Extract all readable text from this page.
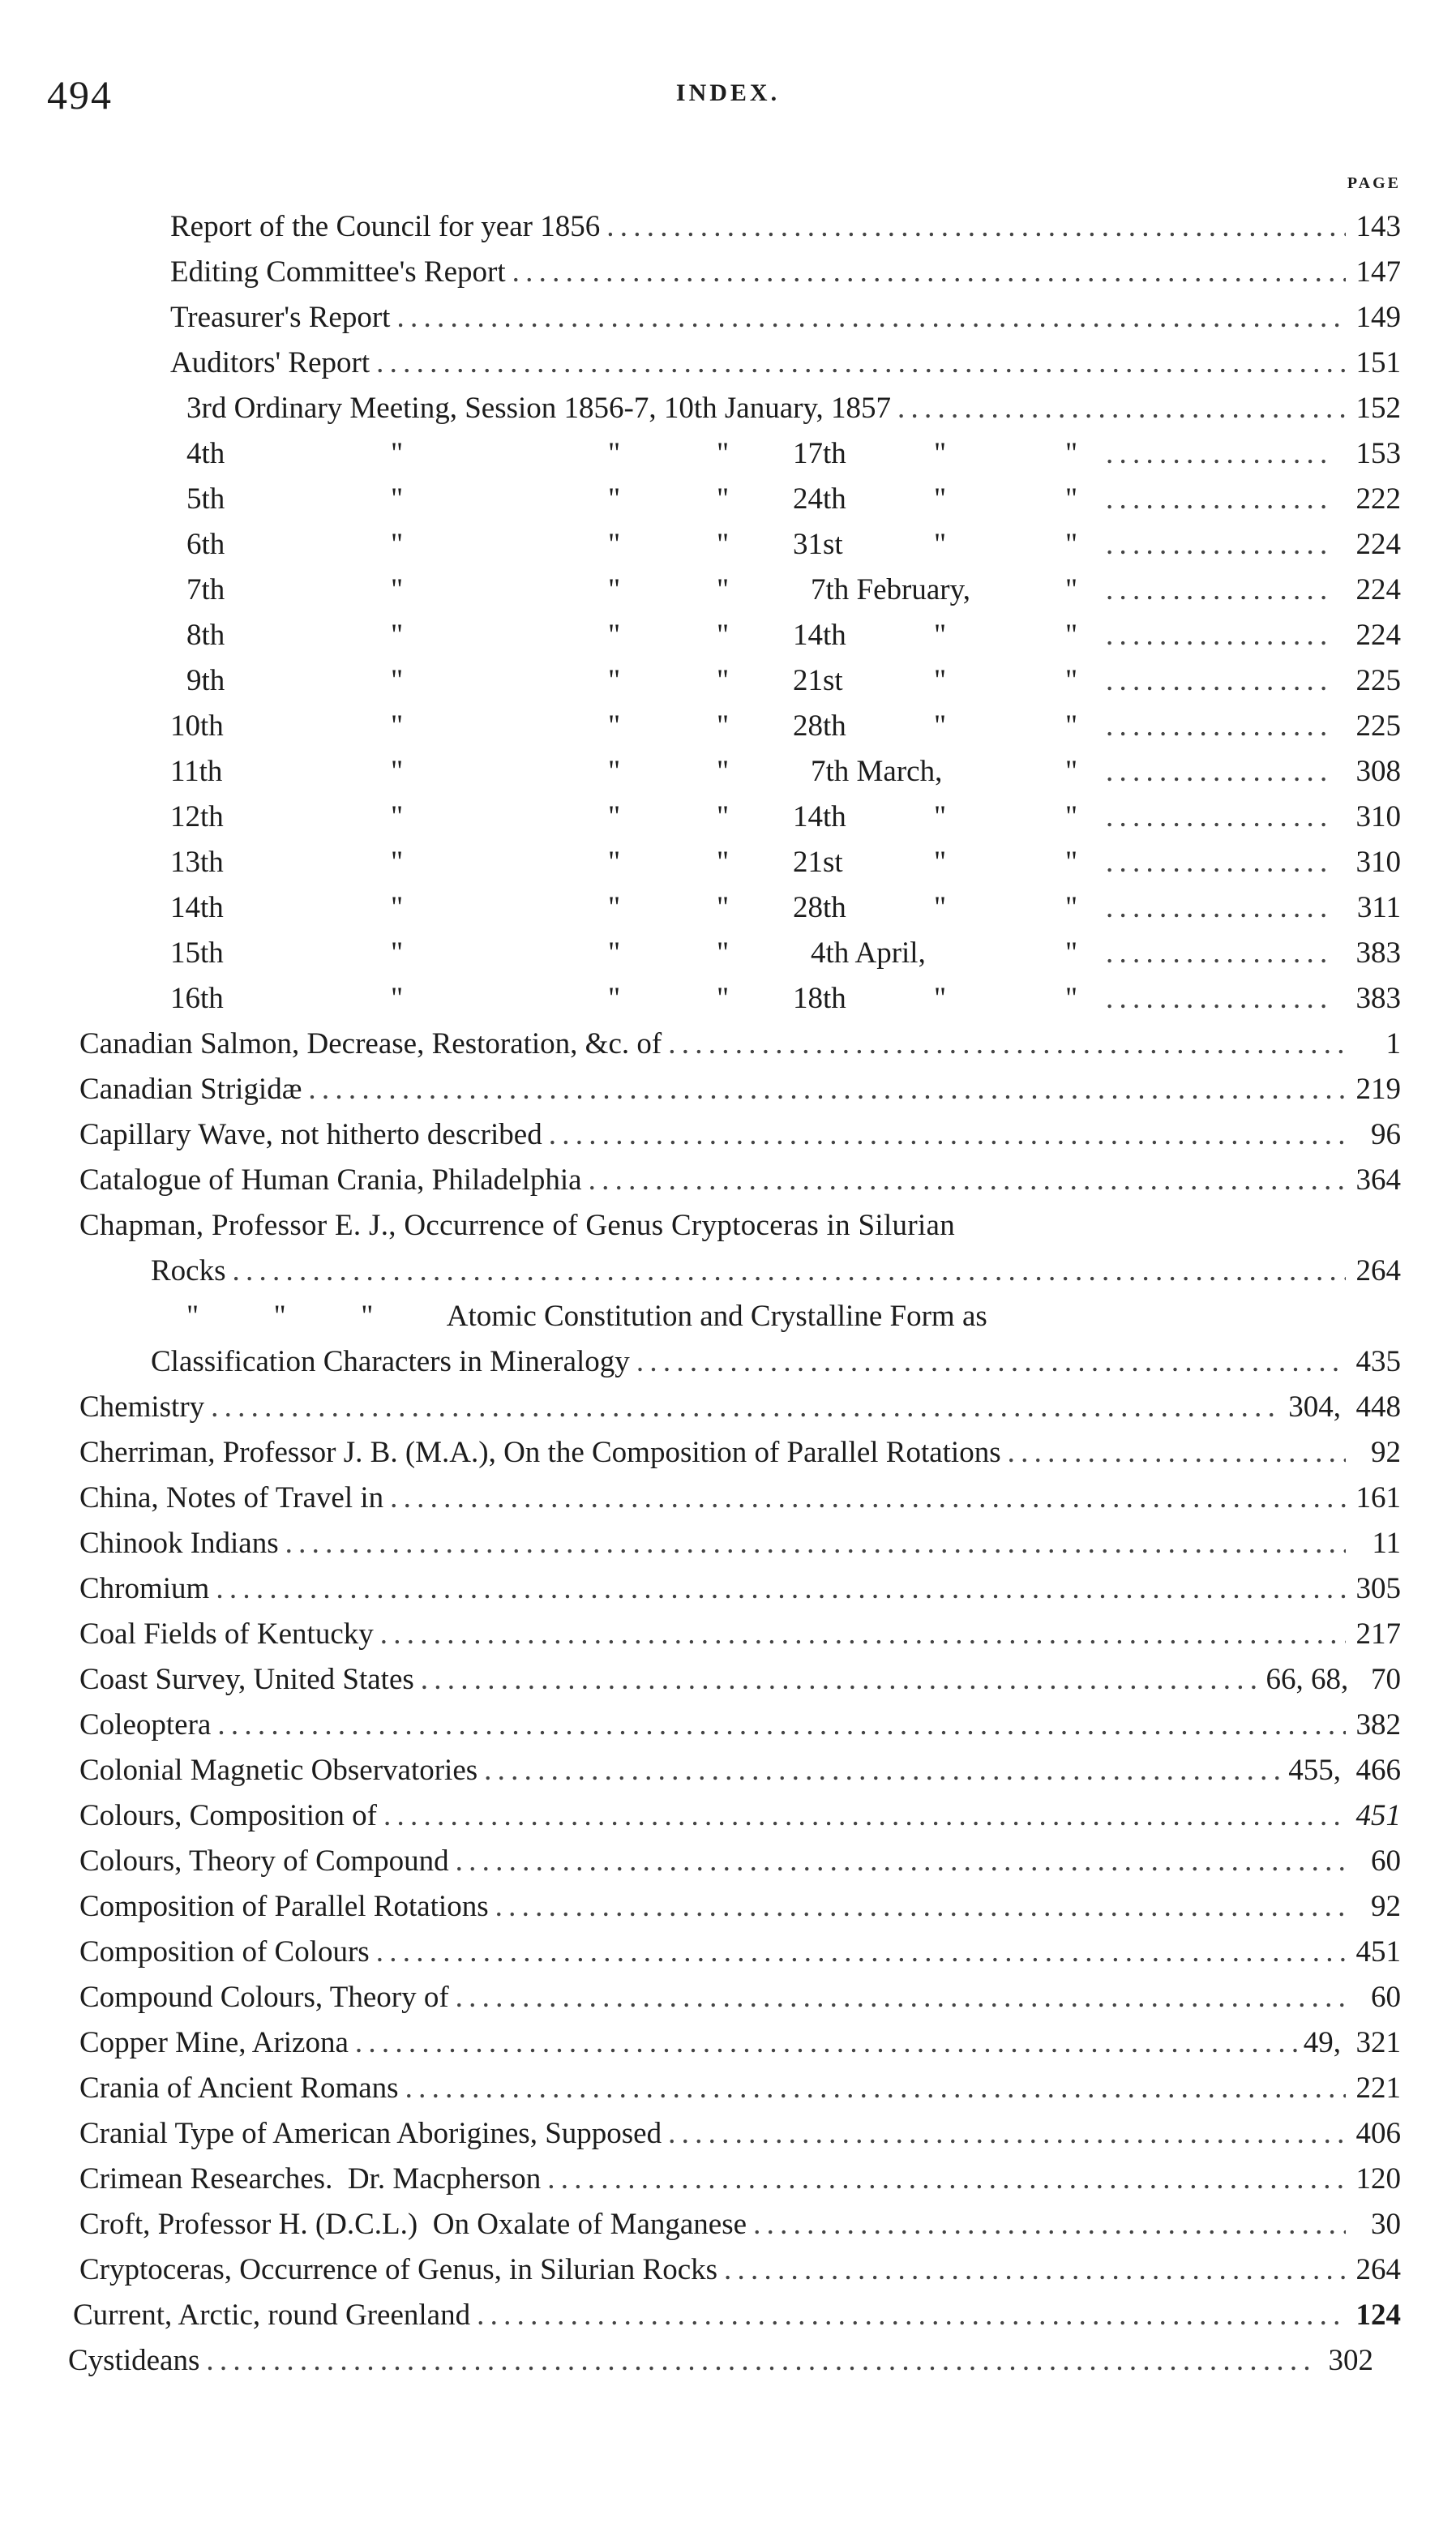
494	INDEX.
PAGE
Report of the Council for year 1856 . . .	143
Editing Committee's Report . . .	147
Treasurer's Report . . .	149
Auditors' Report . . .	151
3rd Ordinary Meeting, Session 1856-7, 10th January, 1857 . . .	152
4th	"	"	" 17th	"	" . . .	153
5th	"	"	" 24th	"	" . . .	222
6th	"	"	" 31st	"	" . . .	224
7th	"	"	"	7th February,	" . . .	224
8th	"	"	" 14th	"	" . . .	224
9th	"	"	" 21st	"	" . . .	225
10th	"	"	" 28th	"	" . . .	225
11th	"	"	"	7th March,	" . . .	308
12th	"	"	" 14th	"	" . . .	310
13th	"	"	" 21st	"	" . . .	310
14th	"	"	" 28th	"	" . . .	311
15th	"	"	"	4th April,	" . . .	383
16th	"	"	" 18th	"	" . . .	383
Canadian Salmon, Decrease, Restoration, &c. of . . .	1
Canadian Strigidæ . . .	219
Capillary Wave, not hitherto described . . .	96
Catalogue of Human Crania, Philadelphia . . .	364
Chapman, Professor E. J., Occurrence of Genus Cryptoceras in Silurian
Rocks . . .	264
"          "          "          Atomic Constitution and Crystalline Form as
Classification Characters in Mineralogy . . .	435
Chemistry . . .	304,  448
Cherriman, Professor J. B. (M.A.), On the Composition of Parallel Rotations . . .	92
China, Notes of Travel in . . .	161
Chinook Indians . . .	11
Chromium . . .	305
Coal Fields of Kentucky . . .	217
Coast Survey, United States . . .	66, 68,   70
Coleoptera . . .	382
Colonial Magnetic Observatories . . .	455,  466
Colours, Composition of . . .	451
Colours, Theory of Compound . . .	60
Composition of Parallel Rotations . . .	92
Composition of Colours . . .	451
Compound Colours, Theory of . . .	60
Copper Mine, Arizona . . .	49,  321
Crania of Ancient Romans . . .	221
Cranial Type of American Aborigines, Supposed . . .	406
Crimean Researches.  Dr. Macpherson . . .	120
Croft, Professor H. (D.C.L.)  On Oxalate of Manganese . . .	30
Cryptoceras, Occurrence of Genus, in Silurian Rocks . . .	264
Current, Arctic, round Greenland . . .	124
Cystideans . . .	302
